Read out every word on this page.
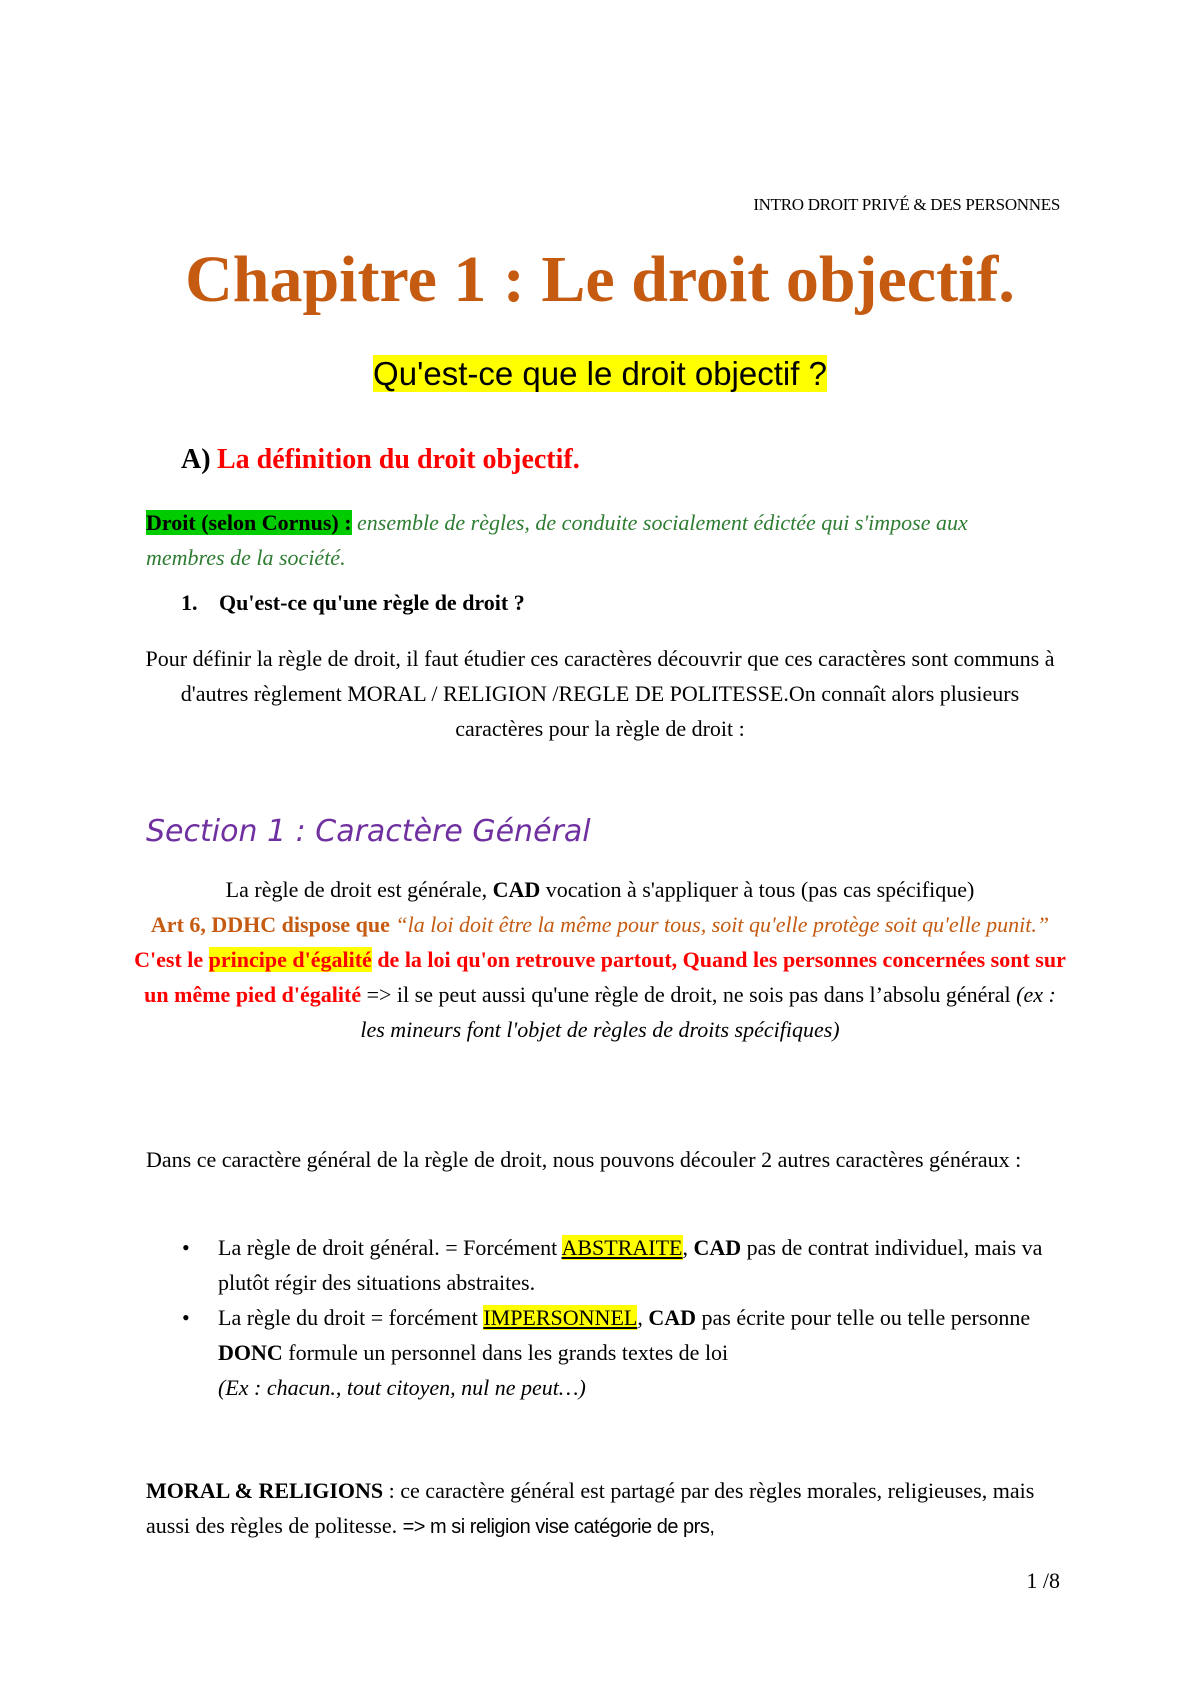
INTRO DROIT PRIVÉ & DES PERSONNES
Chapitre 1 : Le droit objectif.
Qu'est-ce que le droit objectif ?
A) La définition du droit objectif.
Droit (selon Cornus) : ensemble de règles, de conduite socialement édictée qui s'impose aux membres de la société.
1. Qu'est-ce qu'une règle de droit ?
Pour définir la règle de droit, il faut étudier ces caractères découvrir que ces caractères sont communs à d'autres règlement MORAL / RELIGION /REGLE DE POLITESSE.On connaît alors plusieurs caractères pour la règle de droit :
Section 1 : Caractère Général
La règle de droit est générale, CAD vocation à s'appliquer à tous (pas cas spécifique)
Art 6, DDHC dispose que “la loi doit être la même pour tous, soit qu'elle protège soit qu'elle punit.” C'est le principe d'égalité de la loi qu'on retrouve partout, Quand les personnes concernées sont sur un même pied d'égalité => il se peut aussi qu'une règle de droit, ne sois pas dans l’absolu général (ex : les mineurs font l'objet de règles de droits spécifiques)
Dans ce caractère général de la règle de droit, nous pouvons découler 2 autres caractères généraux :
• La règle de droit général. = Forcément ABSTRAITE, CAD pas de contrat individuel, mais va plutôt régir des situations abstraites.
• La règle du droit = forcément IMPERSONNEL, CAD pas écrite pour telle ou telle personne DONC formule un personnel dans les grands textes de loi
(Ex : chacun., tout citoyen, nul ne peut…)
MORAL & RELIGIONS : ce caractère général est partagé par des règles morales, religieuses, mais aussi des règles de politesse. => m si religion vise catégorie de prs,
1 /8
